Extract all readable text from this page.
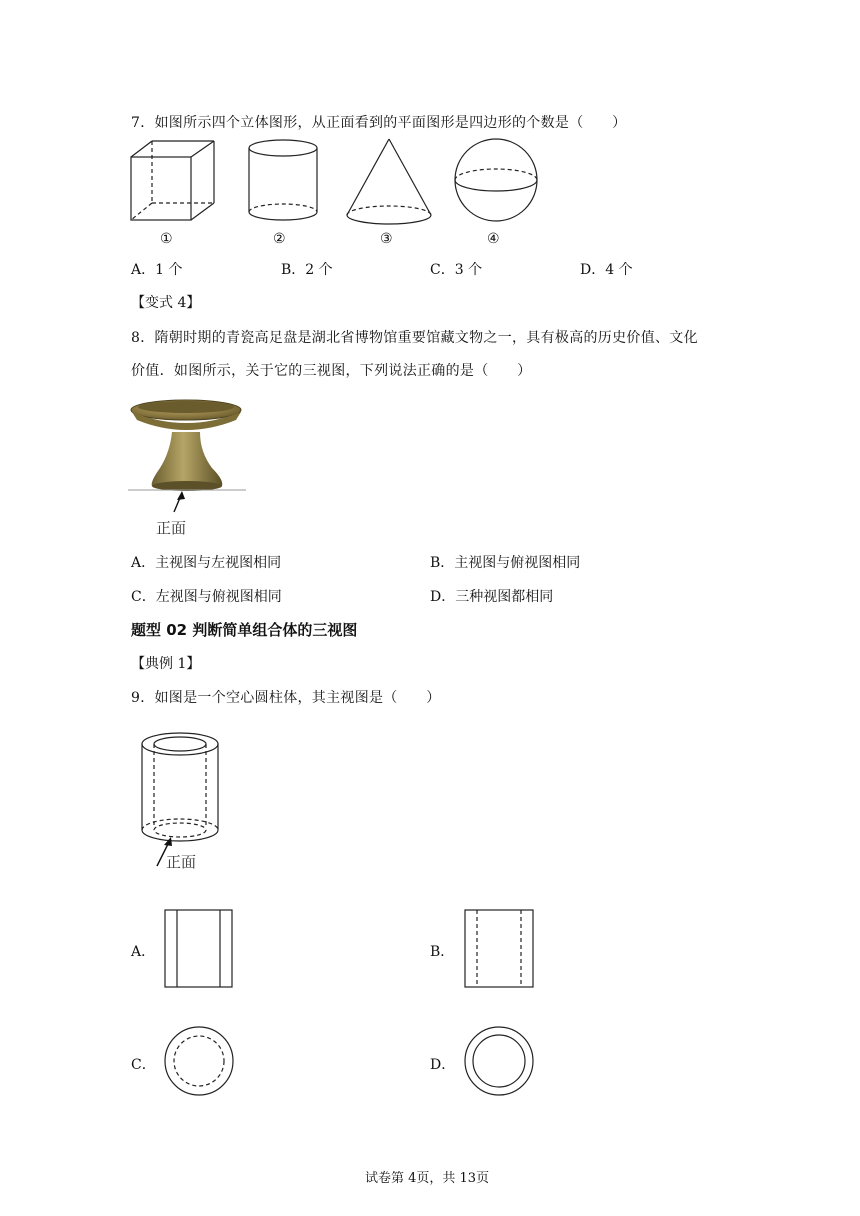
7．如图所示四个立体图形，从正面看到的平面图形是四边形的个数是（　　）
①	②	③	④
A．1 个	B．2 个	C．3 个	D．4 个
【变式 4】
8．隋朝时期的青瓷高足盘是湖北省博物馆重要馆藏文物之一，具有极高的历史价值、文化
价值．如图所示，关于它的三视图，下列说法正确的是（　　）
正面
A．主视图与左视图相同	B．主视图与俯视图相同
C．左视图与俯视图相同	D．三种视图都相同
题型 02 判断简单组合体的三视图
【典例 1】
9．如图是一个空心圆柱体，其主视图是（　　）
正面
A．	B．
C．	D．
试卷第 4页，共 13页
